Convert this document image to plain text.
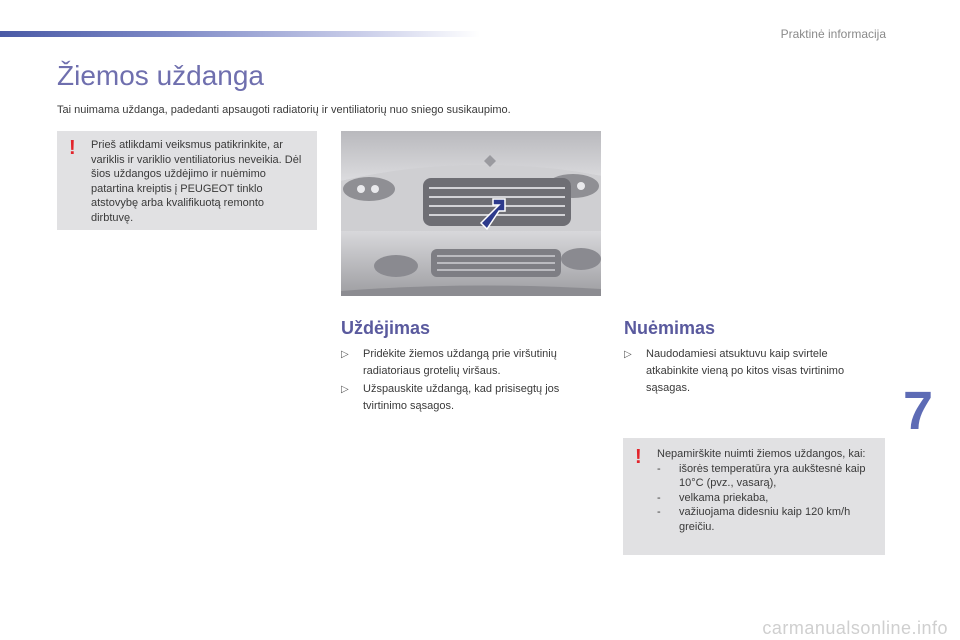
Praktinė informacija
Žiemos uždanga

Tai nuimama uždanga, padedanti apsaugoti radiatorių ir ventiliatorių nuo sniego susikaupimo.

! Prieš atlikdami veiksmus patikrinkite, ar variklis ir variklio ventiliatorius neveikia. Dėl šios uždangos uždėjimo ir nuėmimo patartina kreiptis į PEUGEOT tinklo atstovybę arba kvalifikuotą remonto dirbtuvę.

Uždėjimas
▷ Pridėkite žiemos uždangą prie viršutinių radiatoriaus grotelių viršaus.
▷ Užspauskite uždangą, kad prisisegtų jos tvirtinimo sąsagos.
Nuėmimas
▷ Naudodamiesi atsuktuvu kaip svirtele atkabinkite vieną po kitos visas tvirtinimo sąsagas.
! Nepamirškite nuimti žiemos uždangos, kai:
- išorės temperatūra yra aukštesnė kaip 10°C (pvz., vasarą),
- velkama priekaba,
- važiuojama didesniu kaip 120 km/h greičiu.
7
carmanualsonline.info
